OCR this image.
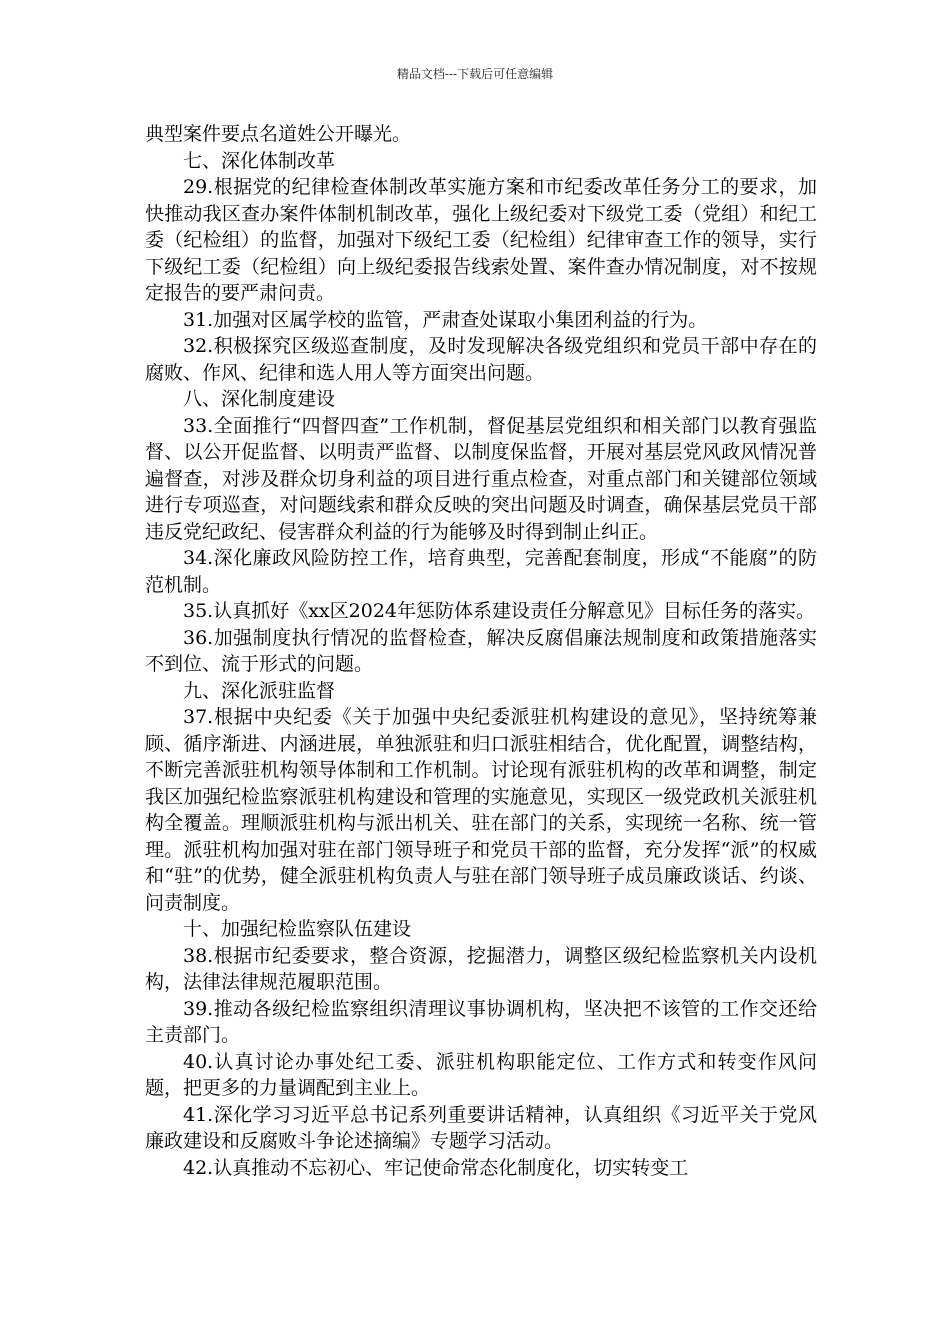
精品文档---下载后可任意编辑

典型案件要点名道姓公开曝光。

七、深化体制改革

29.根据党的纪律检查体制改革实施方案和市纪委改革任务分工的要求，加快推动我区查办案件体制机制改革，强化上级纪委对下级党工委（党组）和纪工委（纪检组）的监督，加强对下级纪工委（纪检组）纪律审查工作的领导，实行下级纪工委（纪检组）向上级纪委报告线索处置、案件查办情况制度，对不按规定报告的要严肃问责。

31.加强对区属学校的监管，严肃查处谋取小集团利益的行为。

32.积极探究区级巡查制度，及时发现解决各级党组织和党员干部中存在的腐败、作风、纪律和选人用人等方面突出问题。

八、深化制度建设

33.全面推行“四督四查”工作机制，督促基层党组织和相关部门以教育强监督、以公开促监督、以明责严监督、以制度保监督，开展对基层党风政风情况普遍督查，对涉及群众切身利益的项目进行重点检查，对重点部门和关键部位领域进行专项巡查，对问题线索和群众反映的突出问题及时调查，确保基层党员干部违反党纪政纪、侵害群众利益的行为能够及时得到制止纠正。

34.深化廉政风险防控工作，培育典型，完善配套制度，形成“不能腐”的防范机制。

35.认真抓好《xx区2024年惩防体系建设责任分解意见》目标任务的落实。

36.加强制度执行情况的监督检查，解决反腐倡廉法规制度和政策措施落实不到位、流于形式的问题。

九、深化派驻监督

37.根据中央纪委《关于加强中央纪委派驻机构建设的意见》，坚持统筹兼顾、循序渐进、内涵进展，单独派驻和归口派驻相结合，优化配置，调整结构，不断完善派驻机构领导体制和工作机制。讨论现有派驻机构的改革和调整，制定我区加强纪检监察派驻机构建设和管理的实施意见，实现区一级党政机关派驻机构全覆盖。理顺派驻机构与派出机关、驻在部门的关系，实现统一名称、统一管理。派驻机构加强对驻在部门领导班子和党员干部的监督，充分发挥“派”的权威和“驻”的优势，健全派驻机构负责人与驻在部门领导班子成员廉政谈话、约谈、问责制度。

十、加强纪检监察队伍建设

38.根据市纪委要求，整合资源，挖掘潜力，调整区级纪检监察机关内设机构，法律法律规范履职范围。

39.推动各级纪检监察组织清理议事协调机构，坚决把不该管的工作交还给主责部门。

40.认真讨论办事处纪工委、派驻机构职能定位、工作方式和转变作风问题，把更多的力量调配到主业上。

41.深化学习习近平总书记系列重要讲话精神，认真组织《习近平关于党风廉政建设和反腐败斗争论述摘编》专题学习活动。

42.认真推动不忘初心、牢记使命常态化制度化，切实转变工
